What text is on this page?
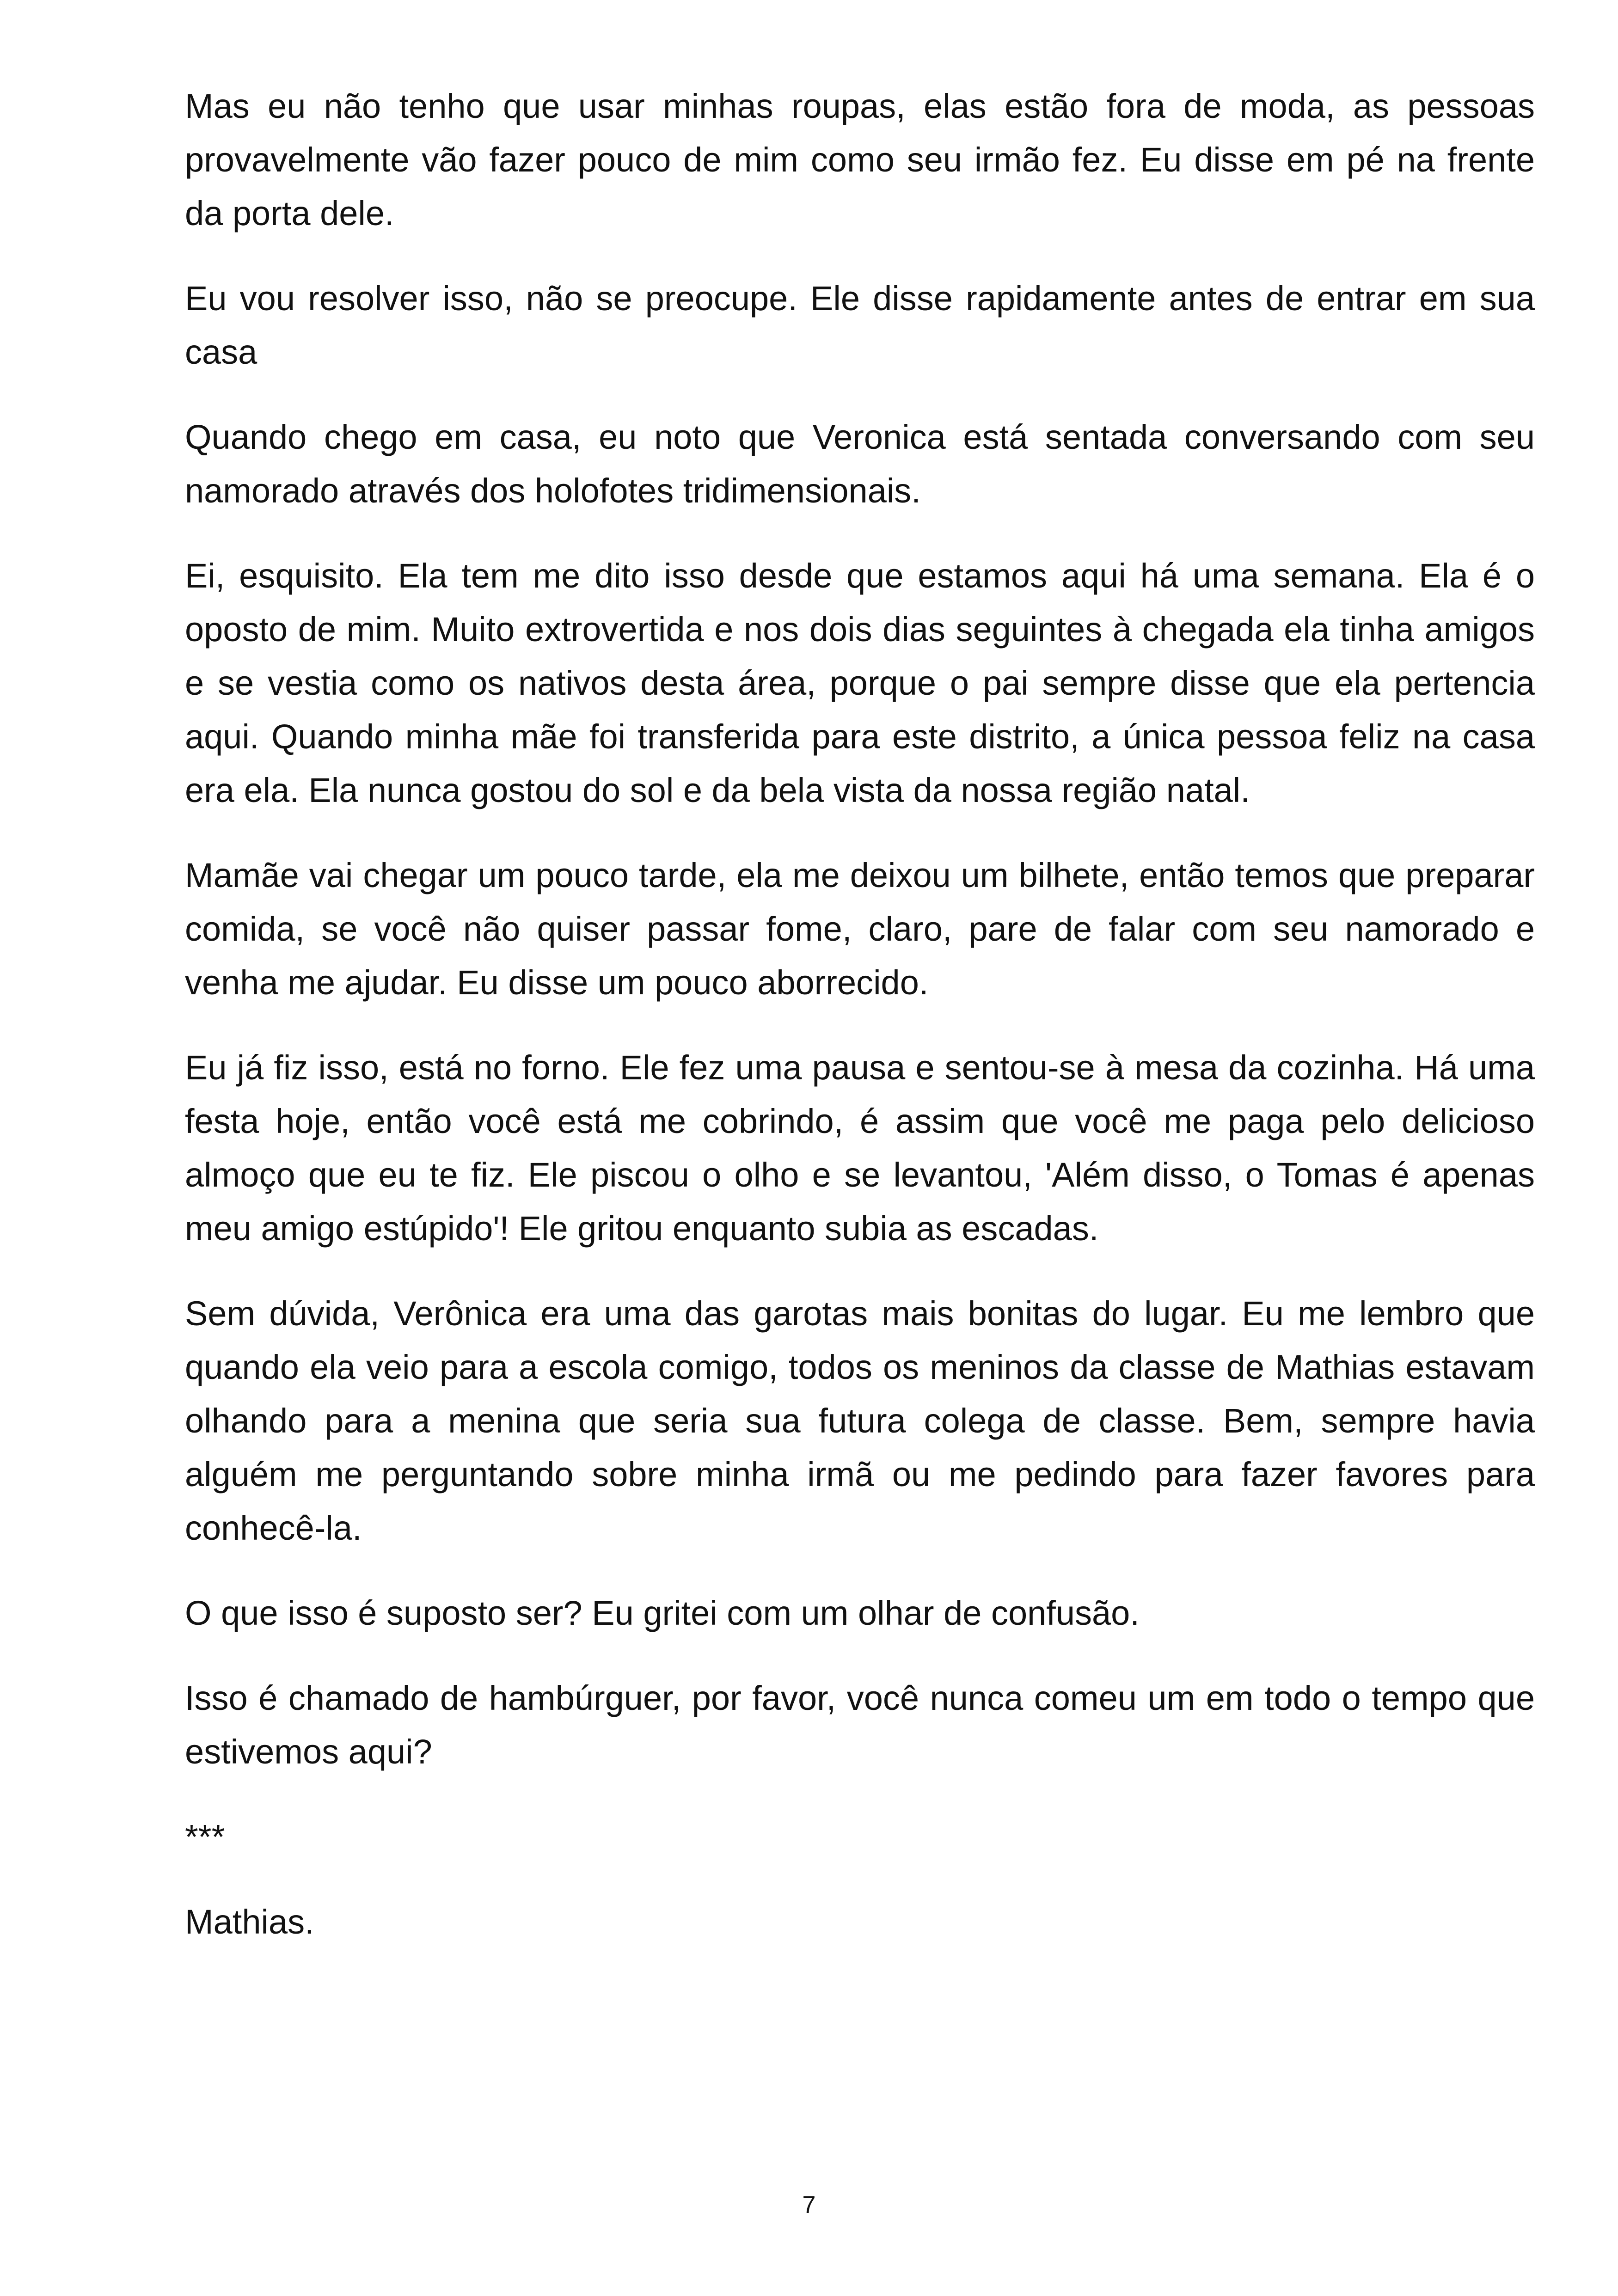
Mas eu não tenho que usar minhas roupas, elas estão fora de moda, as pessoas provavelmente vão fazer pouco de mim como seu irmão fez. Eu disse em pé na frente da porta dele.

Eu vou resolver isso, não se preocupe. Ele disse rapidamente antes de entrar em sua casa

Quando chego em casa, eu noto que Veronica está sentada conversando com seu namorado através dos holofotes tridimensionais.

Ei, esquisito. Ela tem me dito isso desde que estamos aqui há uma semana. Ela é o oposto de mim. Muito extrovertida e nos dois dias seguintes à chegada ela tinha amigos e se vestia como os nativos desta área, porque o pai sempre disse que ela pertencia aqui. Quando minha mãe foi transferida para este distrito, a única pessoa feliz na casa era ela. Ela nunca gostou do sol e da bela vista da nossa região natal.

Mamãe vai chegar um pouco tarde, ela me deixou um bilhete, então temos que preparar comida, se você não quiser passar fome, claro, pare de falar com seu namorado e venha me ajudar. Eu disse um pouco aborrecido.

Eu já fiz isso, está no forno. Ele fez uma pausa e sentou-se à mesa da cozinha. Há uma festa hoje, então você está me cobrindo, é assim que você me paga pelo delicioso almoço que eu te fiz. Ele piscou o olho e se levantou, 'Além disso, o Tomas é apenas meu amigo estúpido'! Ele gritou enquanto subia as escadas.

Sem dúvida, Verônica era uma das garotas mais bonitas do lugar. Eu me lembro que quando ela veio para a escola comigo, todos os meninos da classe de Mathias estavam olhando para a menina que seria sua futura colega de classe. Bem, sempre havia alguém me perguntando sobre minha irmã ou me pedindo para fazer favores para conhecê-la.

O que isso é suposto ser? Eu gritei com um olhar de confusão.

Isso é chamado de hambúrguer, por favor, você nunca comeu um em todo o tempo que estivemos aqui?

***

Mathias.

7
